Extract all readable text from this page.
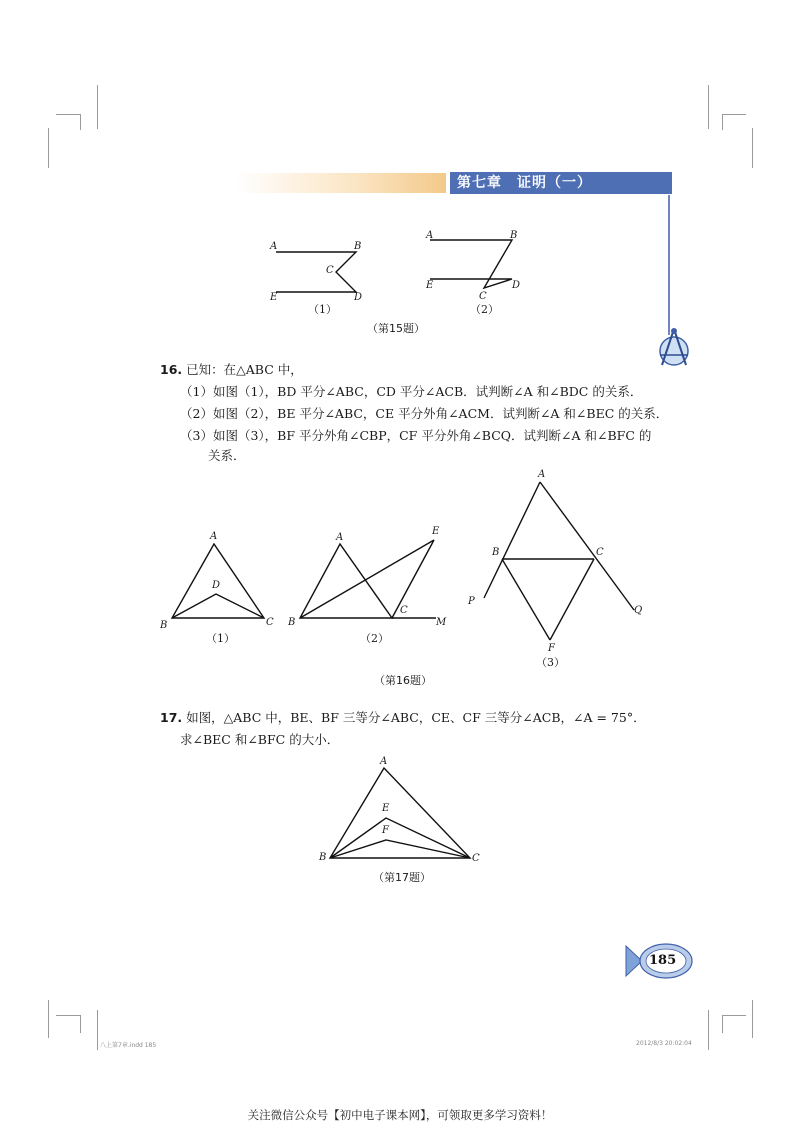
第七章　证明（一）
A	B
C
E	D
（1）
A	B
E
C
D
（2）
（第15题）
16. 已知：在△ABC 中，
（1）如图（1），BD 平分∠ABC，CD 平分∠ACB．试判断∠A 和∠BDC 的关系．
（2）如图（2），BE 平分∠ABC，CE 平分外角∠ACM．试判断∠A 和∠BEC 的关系．
（3）如图（3），BF 平分外角∠CBP，CF 平分外角∠BCQ．试判断∠A 和∠BFC 的
关系．
A
D
B	C
（1）
A
E
B
C
M
（2）
A
B	C
P
Q
F
（3）
（第16题）
17. 如图，△ABC 中，BE、BF 三等分∠ABC，CE、CF 三等分∠ACB，∠A = 75°．
求∠BEC 和∠BFC 的大小．
A
E
F
B	C
（第17题）
185
八上第7章.indd 185	2012/8/3 20:02:04
关注微信公众号【初中电子课本网】，可领取更多学习资料！
